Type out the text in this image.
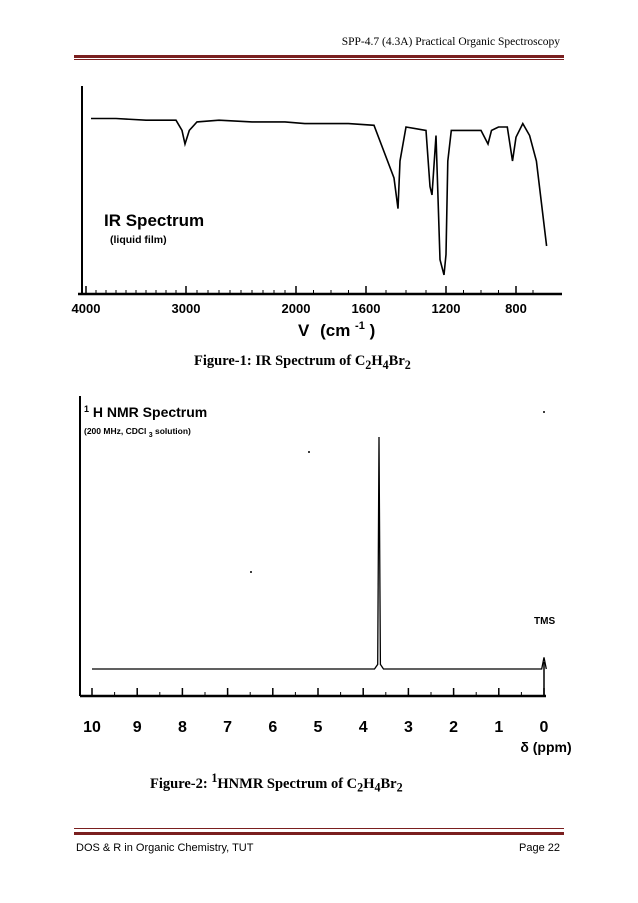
SPP-4.7 (4.3A) Practical Organic Spectroscopy
IR Spectrum
(liquid film)
4000	3000	2000	1600	1200	800
V (cm $^{-1}$ )
Figure-1: IR Spectrum of $C_2H_4Br_2$
$^1$ H NMR Spectrum
(200 MHz, CDCl $_3$ solution)
TMS
10 9 8 7 6 5 4 3 2 1 0
δ (ppm)
Figure-2: $^1$HNMR Spectrum of $C_2H_4Br_2$
DOS & R in Organic Chemistry, TUT	Page 22
